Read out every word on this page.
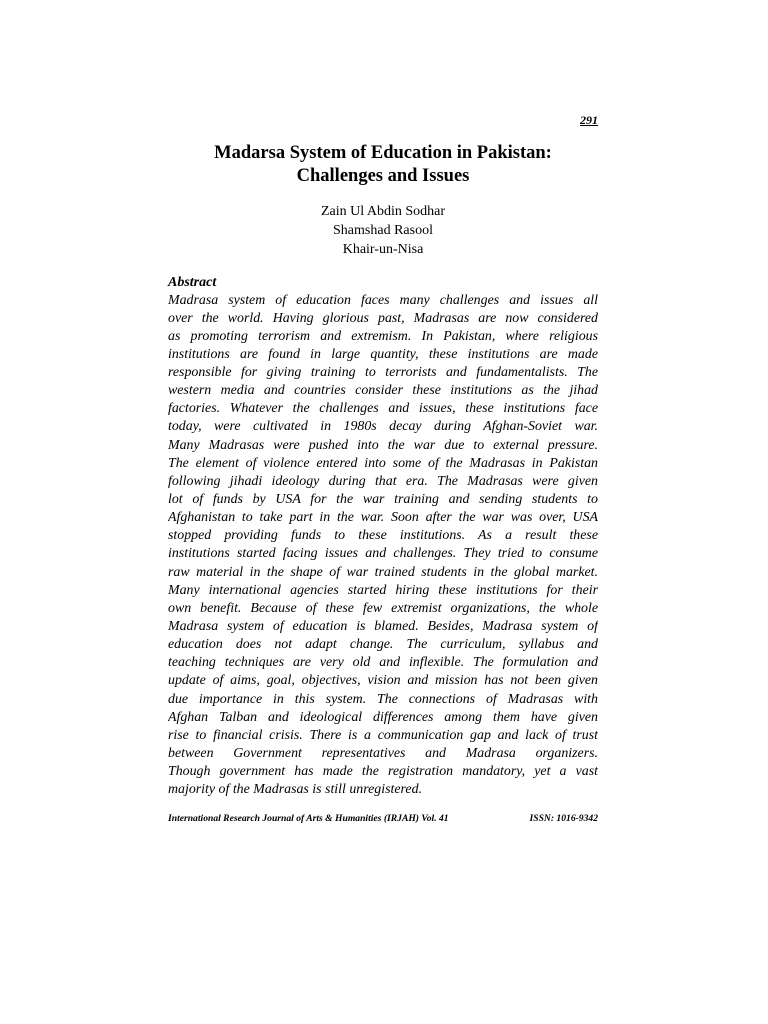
291
Madarsa System of Education in Pakistan:
Challenges and Issues
Zain Ul Abdin Sodhar
Shamshad Rasool
Khair-un-Nisa
Abstract
Madrasa system of education faces many challenges and issues all
over the world. Having glorious past, Madrasas are now considered
as promoting terrorism and extremism. In Pakistan, where religious
institutions are found in large quantity, these institutions are made
responsible for giving training to terrorists and fundamentalists. The
western media and countries consider these institutions as the jihad
factories. Whatever the challenges and issues, these institutions face
today, were cultivated in 1980s decay during Afghan-Soviet war.
Many Madrasas were pushed into the war due to external pressure.
The element of violence entered into some of the Madrasas in Pakistan
following jihadi ideology during that era. The Madrasas were given
lot of funds by USA for the war training and sending students to
Afghanistan to take part in the war. Soon after the war was over, USA
stopped providing funds to these institutions. As a result these
institutions started facing issues and challenges. They tried to consume
raw material in the shape of war trained students in the global market.
Many international agencies started hiring these institutions for their
own benefit. Because of these few extremist organizations, the whole
Madrasa system of education is blamed. Besides, Madrasa system of
education does not adapt change. The curriculum, syllabus and
teaching techniques are very old and inflexible. The formulation and
update of aims, goal, objectives, vision and mission has not been given
due importance in this system. The connections of Madrasas with
Afghan Talban and ideological differences among them have given
rise to financial crisis. There is a communication gap and lack of trust
between Government representatives and Madrasa organizers.
Though government has made the registration mandatory, yet a vast
majority of the Madrasas is still unregistered.
International Research Journal of Arts & Humanities (IRJAH) Vol. 41	ISSN: 1016-9342
